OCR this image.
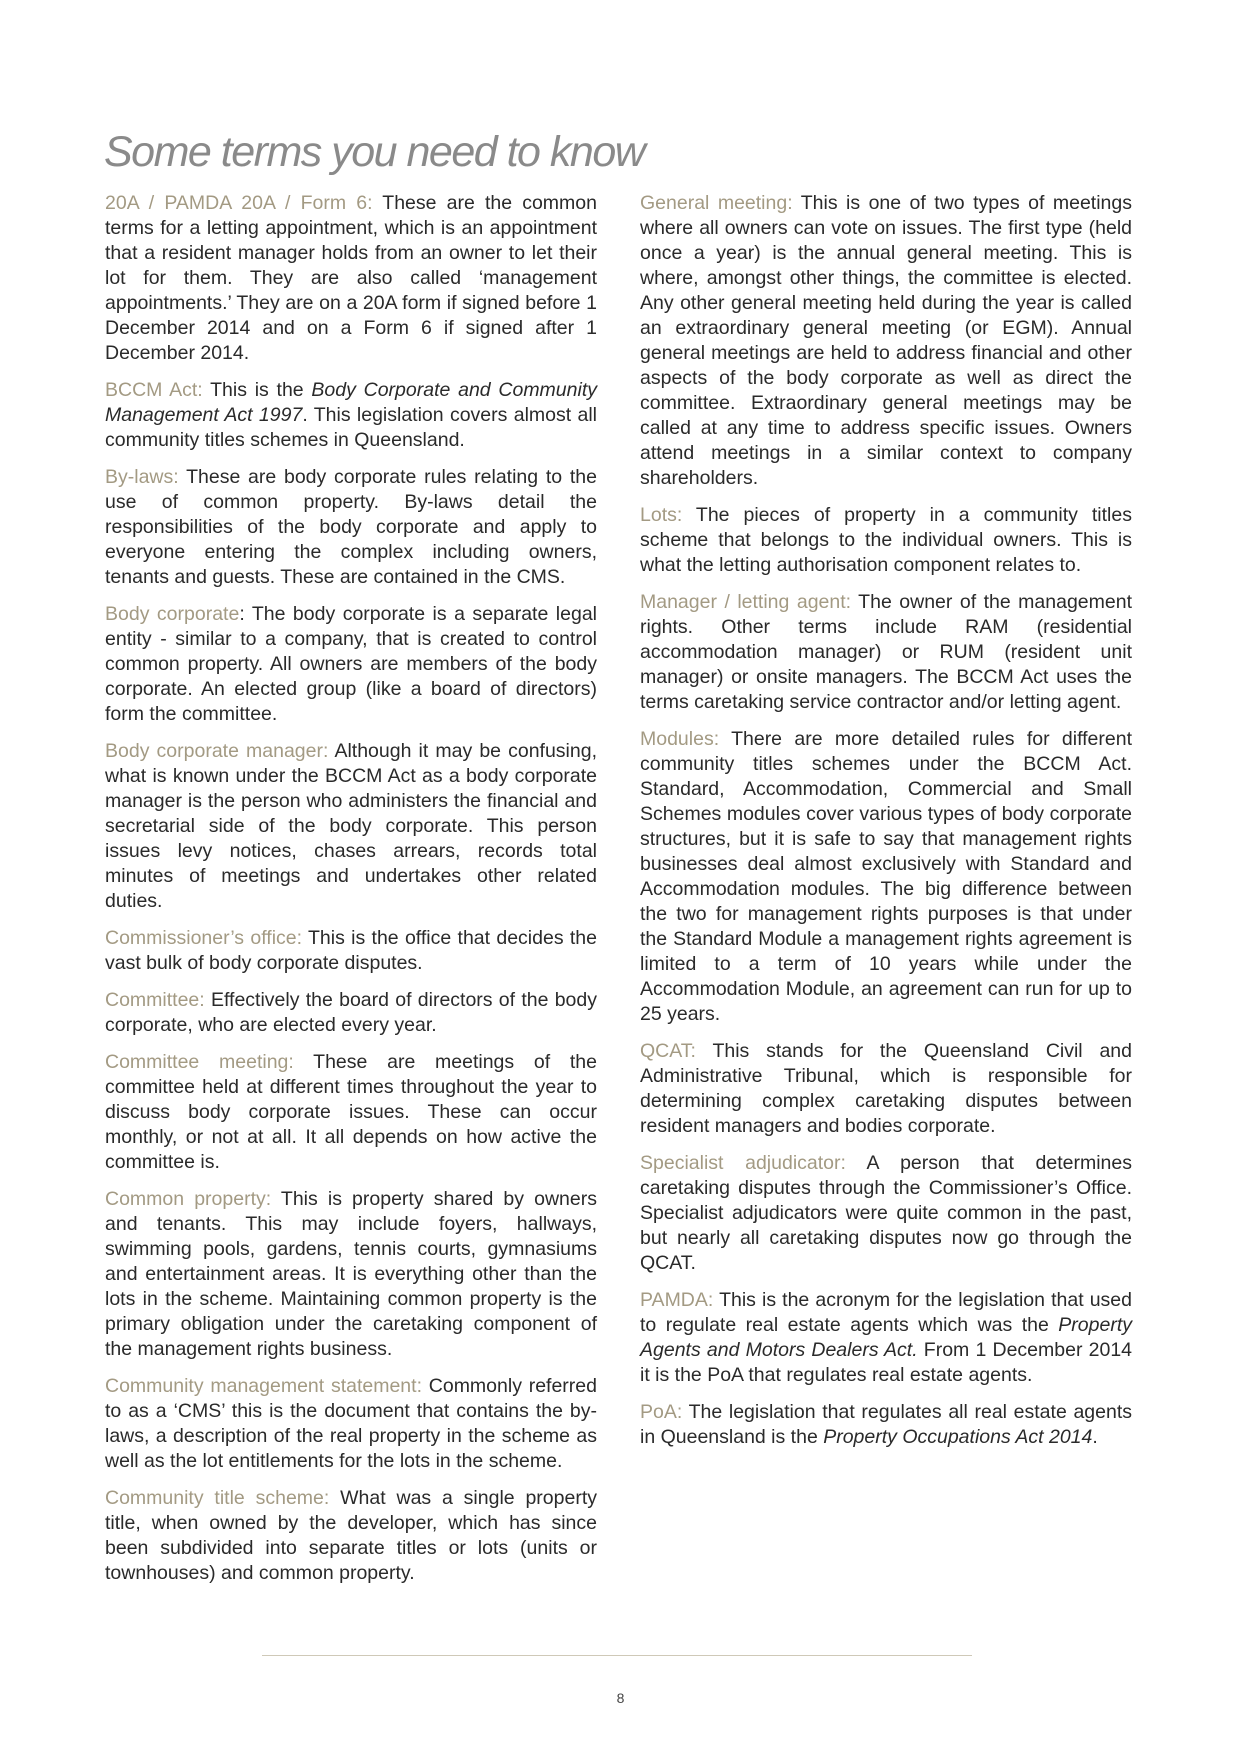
Some terms you need to know

20A / PAMDA 20A / Form 6: These are the common terms for a letting appointment, which is an appointment that a resident manager holds from an owner to let their lot for them. They are also called ‘management appointments.’ They are on a 20A form if signed before 1 December 2014 and on a Form 6 if signed after 1 December 2014.

BCCM Act: This is the Body Corporate and Community Management Act 1997. This legislation covers almost all community titles schemes in Queensland.

By-laws: These are body corporate rules relating to the use of common property. By-laws detail the responsibilities of the body corporate and apply to everyone entering the complex including owners, tenants and guests. These are contained in the CMS.

Body corporate: The body corporate is a separate legal entity - similar to a company, that is created to control common property. All owners are members of the body corporate. An elected group (like a board of directors) form the committee.

Body corporate manager: Although it may be confusing, what is known under the BCCM Act as a body corporate manager is the person who administers the financial and secretarial side of the body corporate. This person issues levy notices, chases arrears, records total minutes of meetings and undertakes other related duties.

Commissioner’s office: This is the office that decides the vast bulk of body corporate disputes.

Committee: Effectively the board of directors of the body corporate, who are elected every year.

Committee meeting: These are meetings of the committee held at different times throughout the year to discuss body corporate issues. These can occur monthly, or not at all. It all depends on how active the committee is.

Common property: This is property shared by owners and tenants. This may include foyers, hallways, swimming pools, gardens, tennis courts, gymnasiums and entertainment areas. It is everything other than the lots in the scheme. Maintaining common property is the primary obligation under the caretaking component of the management rights business.

Community management statement: Commonly referred to as a ‘CMS’ this is the document that contains the by-laws, a description of the real property in the scheme as well as the lot entitlements for the lots in the scheme.

Community title scheme: What was a single property title, when owned by the developer, which has since been subdivided into separate titles or lots (units or townhouses) and common property.

General meeting: This is one of two types of meetings where all owners can vote on issues. The first type (held once a year) is the annual general meeting. This is where, amongst other things, the committee is elected. Any other general meeting held during the year is called an extraordinary general meeting (or EGM). Annual general meetings are held to address financial and other aspects of the body corporate as well as direct the committee. Extraordinary general meetings may be called at any time to address specific issues. Owners attend meetings in a similar context to company shareholders.

Lots: The pieces of property in a community titles scheme that belongs to the individual owners. This is what the letting authorisation component relates to.

Manager / letting agent: The owner of the management rights. Other terms include RAM (residential accommodation manager) or RUM (resident unit manager) or onsite managers. The BCCM Act uses the terms caretaking service contractor and/or letting agent.

Modules: There are more detailed rules for different community titles schemes under the BCCM Act. Standard, Accommodation, Commercial and Small Schemes modules cover various types of body corporate structures, but it is safe to say that management rights businesses deal almost exclusively with Standard and Accommodation modules. The big difference between the two for management rights purposes is that under the Standard Module a management rights agreement is limited to a term of 10 years while under the Accommodation Module, an agreement can run for up to 25 years.

QCAT: This stands for the Queensland Civil and Administrative Tribunal, which is responsible for determining complex caretaking disputes between resident managers and bodies corporate.

Specialist adjudicator: A person that determines caretaking disputes through the Commissioner’s Office. Specialist adjudicators were quite common in the past, but nearly all caretaking disputes now go through the QCAT.

PAMDA: This is the acronym for the legislation that used to regulate real estate agents which was the Property Agents and Motors Dealers Act. From 1 December 2014 it is the PoA that regulates real estate agents.

PoA: The legislation that regulates all real estate agents in Queensland is the Property Occupations Act 2014.

8
